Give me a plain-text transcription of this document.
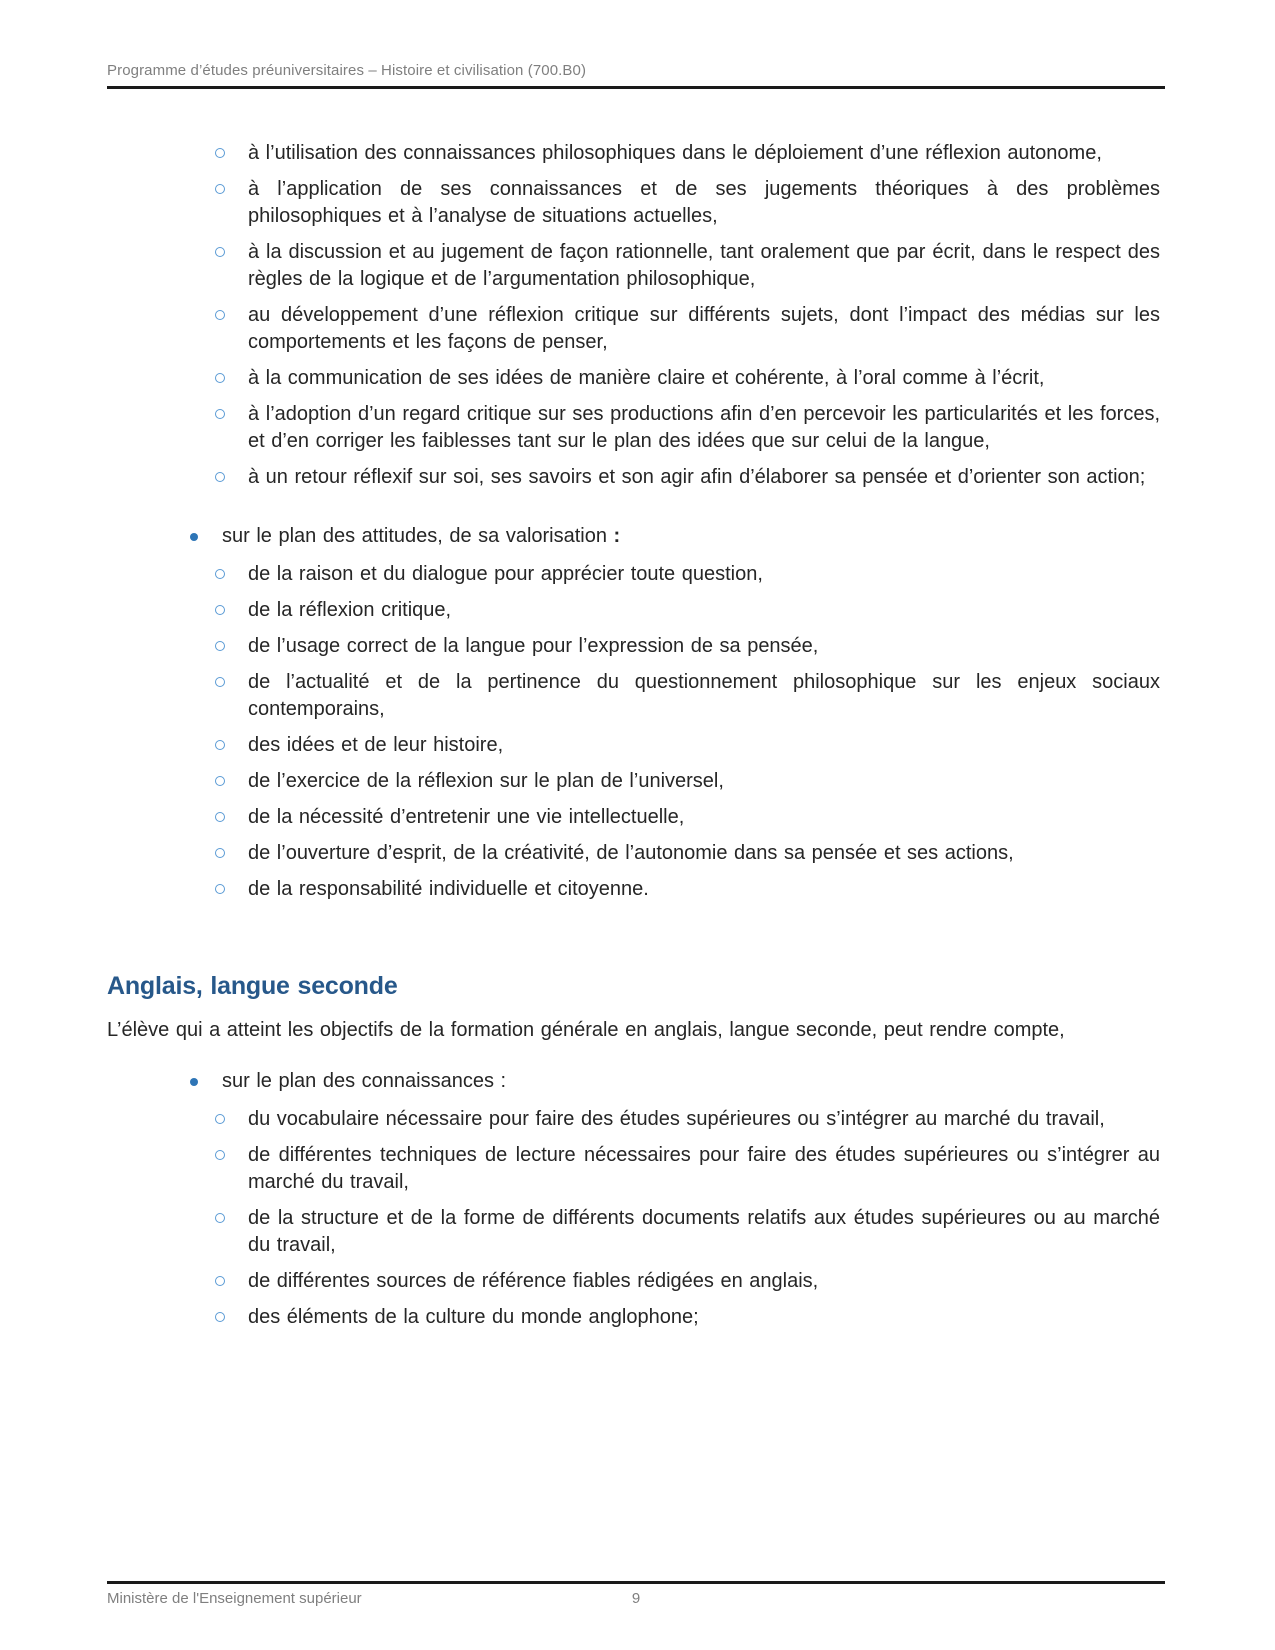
Programme d’études préuniversitaires – Histoire et civilisation (700.B0)
à l’utilisation des connaissances philosophiques dans le déploiement d’une réflexion autonome,
à l’application de ses connaissances et de ses jugements théoriques à des problèmes philosophiques et à l’analyse de situations actuelles,
à la discussion et au jugement de façon rationnelle, tant oralement que par écrit, dans le respect des règles de la logique et de l’argumentation philosophique,
au développement d’une réflexion critique sur différents sujets, dont l’impact des médias sur les comportements et les façons de penser,
à la communication de ses idées de manière claire et cohérente, à l’oral comme à l’écrit,
à l’adoption d’un regard critique sur ses productions afin d’en percevoir les particularités et les forces, et d’en corriger les faiblesses tant sur le plan des idées que sur celui de la langue,
à un retour réflexif sur soi, ses savoirs et son agir afin d’élaborer sa pensée et d’orienter son action;
sur le plan des attitudes, de sa valorisation :
de la raison et du dialogue pour apprécier toute question,
de la réflexion critique,
de l’usage correct de la langue pour l’expression de sa pensée,
de l’actualité et de la pertinence du questionnement philosophique sur les enjeux sociaux contemporains,
des idées et de leur histoire,
de l’exercice de la réflexion sur le plan de l’universel,
de la nécessité d’entretenir une vie intellectuelle,
de l’ouverture d’esprit, de la créativité, de l’autonomie dans sa pensée et ses actions,
de la responsabilité individuelle et citoyenne.
Anglais, langue seconde

L’élève qui a atteint les objectifs de la formation générale en anglais, langue seconde, peut rendre compte,

sur le plan des connaissances :
du vocabulaire nécessaire pour faire des études supérieures ou s’intégrer au marché du travail,
de différentes techniques de lecture nécessaires pour faire des études supérieures ou s’intégrer au marché du travail,
de la structure et de la forme de différents documents relatifs aux études supérieures ou au marché du travail,
de différentes sources de référence fiables rédigées en anglais,
des éléments de la culture du monde anglophone;
Ministère de l'Enseignement supérieur	9
